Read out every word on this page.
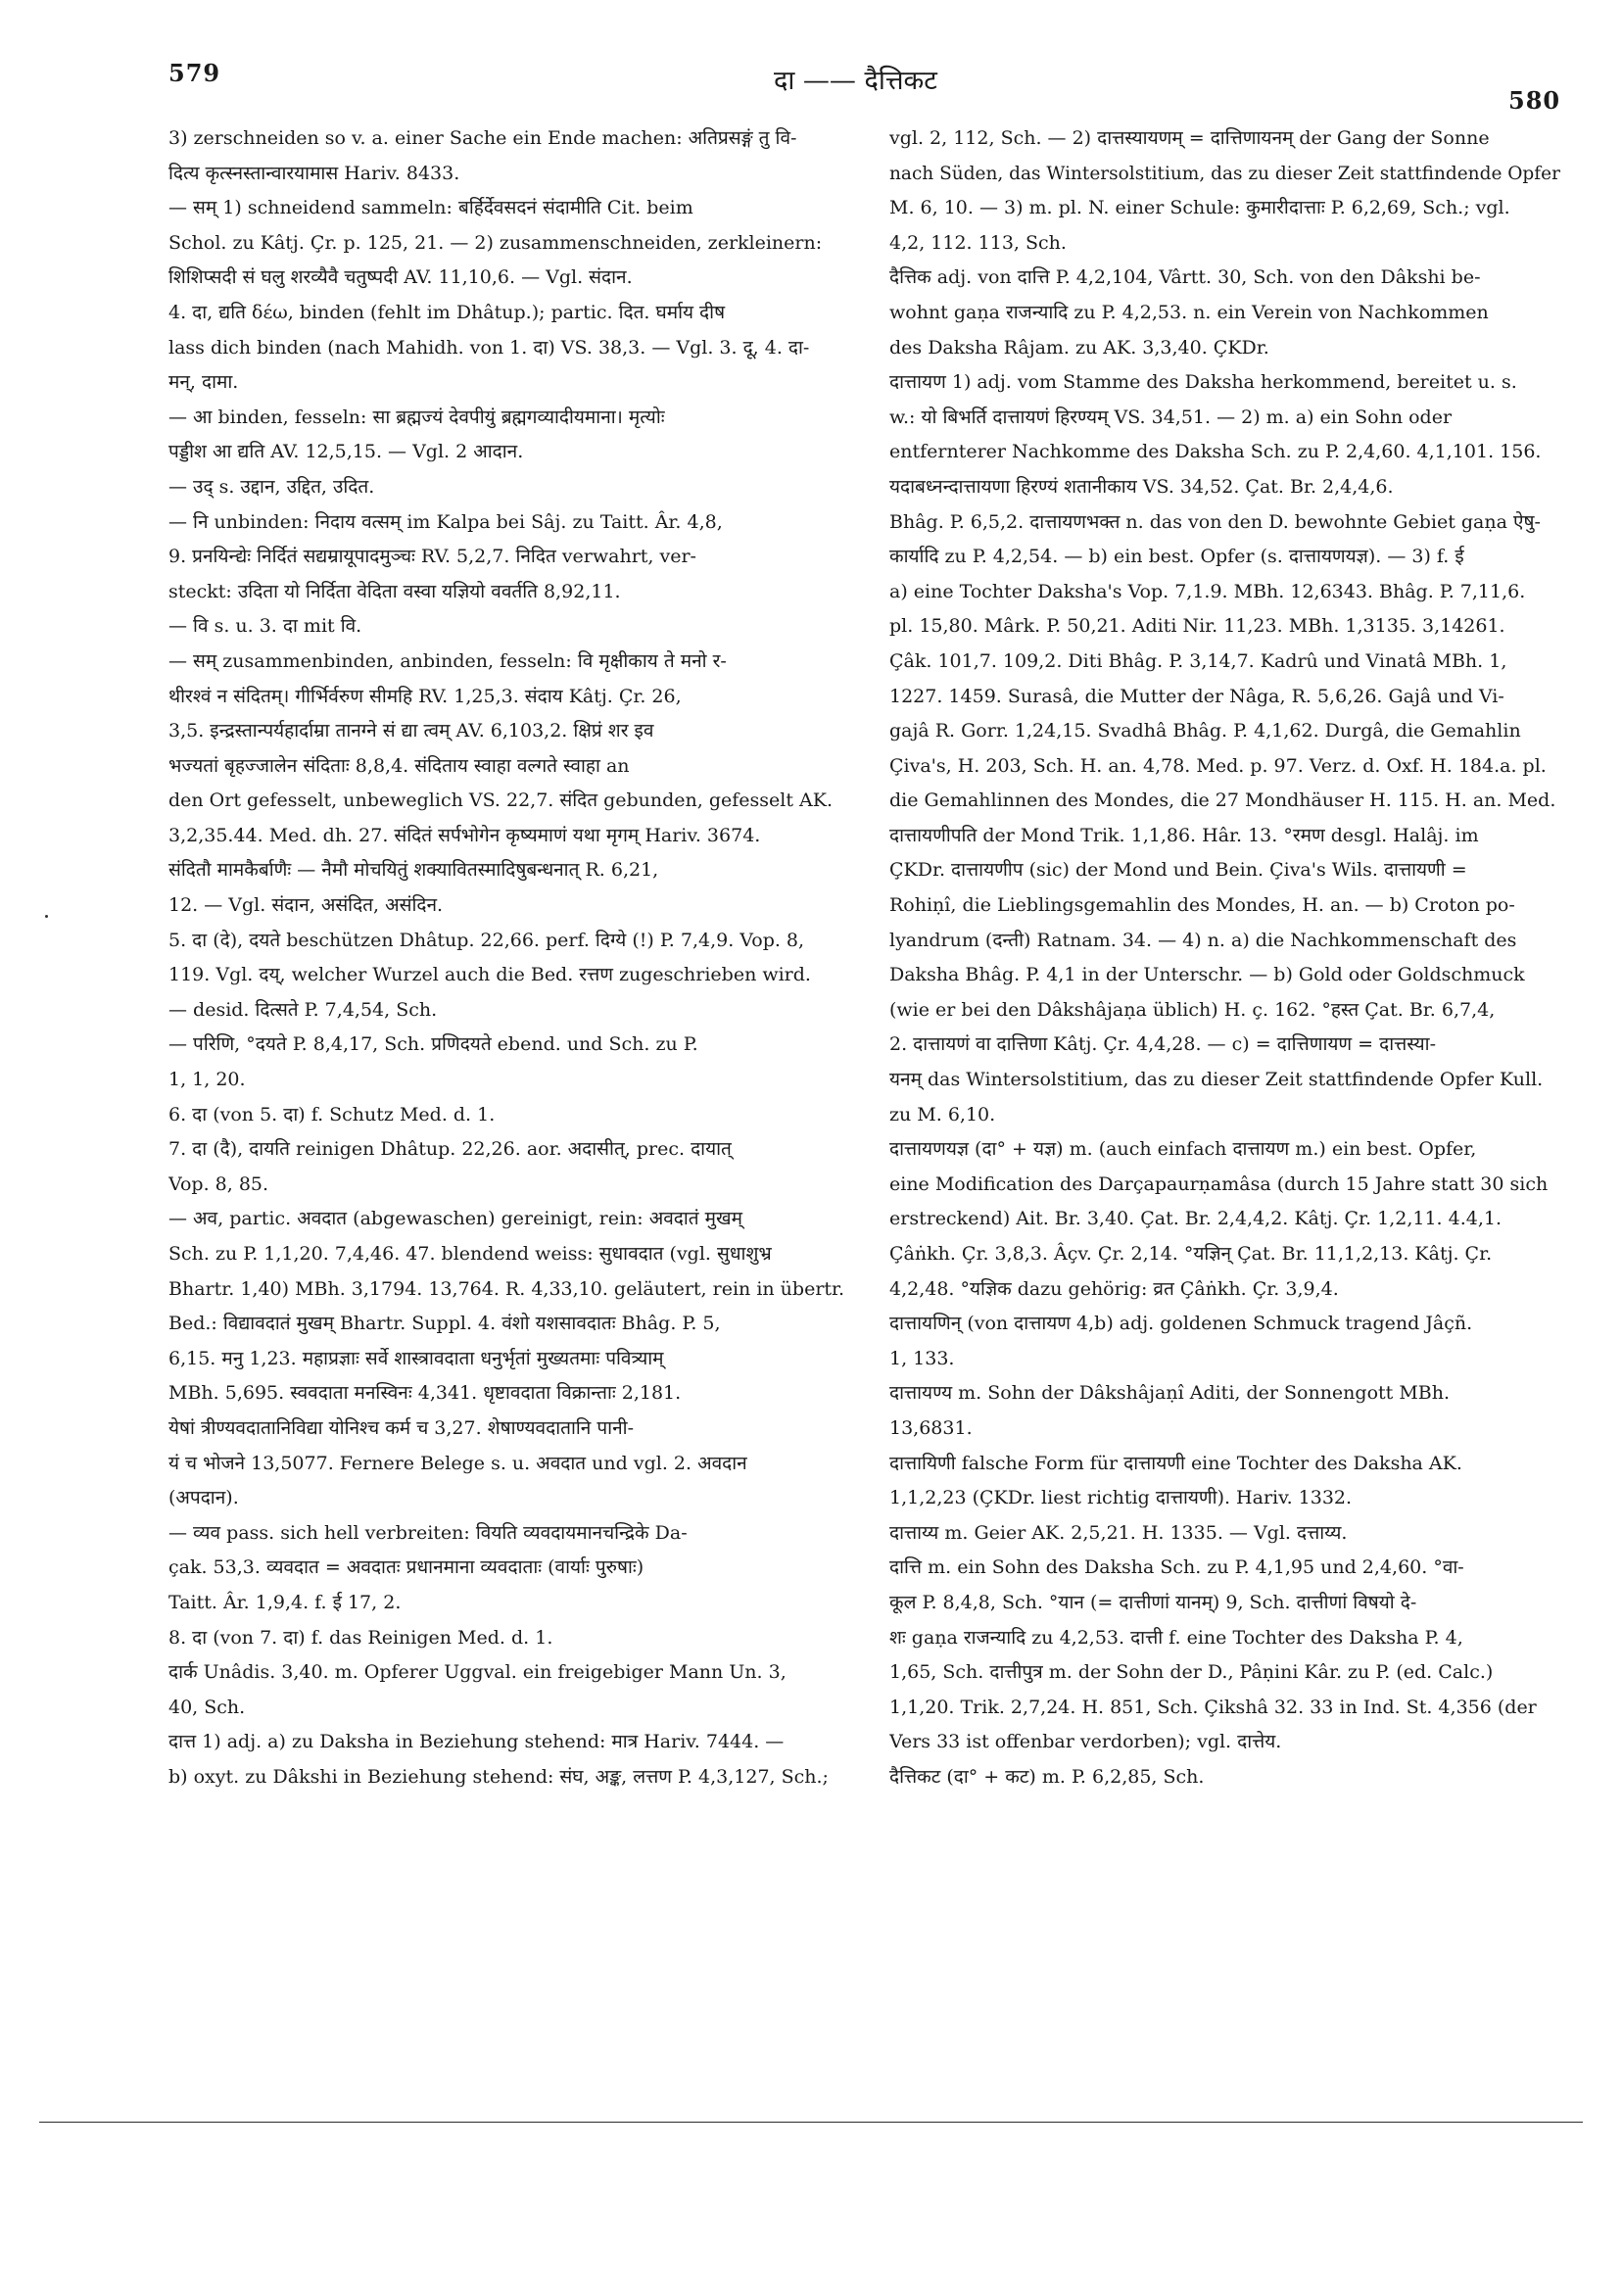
579	दा —— दैत्तिकट
580
3) zerschneiden so v. a. einer Sache ein Ende machen: अतिप्रसङ्गं तु वि-
दित्य कृत्स्नस्तान्वारयामास Hariv. 8433.
— सम् 1) schneidend sammeln: बर्हिर्देवसदनं संदामीति Cit. beim
Schol. zu Kâtj. Çr. p. 125, 21. — 2) zusammenschneiden, zerkleinern:
शिशिप्सदी सं घलु शरव्यैवै चतुष्पदी AV. 11,10,6. — Vgl. संदान.
4. दा, द्यति δέω, binden (fehlt im Dhâtup.); partic. दित. घर्माय दीष
lass dich binden (nach Mahidh. von 1. दा) VS. 38,3. — Vgl. 3. दू, 4. दा-
मन्, दामा.
— आ binden, fesseln: सा ब्रह्मज्यं देवपीयुं ब्रह्मगव्यादीयमाना। मृत्योः
पड्डीश आ द्यति AV. 12,5,15. — Vgl. 2 आदान.
— उद् s. उद्दान, उद्दित, उदित.
— नि unbinden: निदाय वत्सम् im Kalpa bei Sâj. zu Taitt. Âr. 4,8,
9. प्रनयिन्द्येः निर्दितं सद्यम्रायूपादमुञ्चः RV. 5,2,7. निदित verwahrt, ver-
steckt: उदिता यो निर्दिता वेदिता वस्वा यज्ञियो ववर्तति 8,92,11.
— वि s. u. 3. दा mit वि.
— सम् zusammenbinden, anbinden, fesseln: वि मृक्षीकाय ते मनो र-
थीरश्वं न संदितम्। गीर्भिर्वरुण सीमहि RV. 1,25,3. संदाय Kâtj. Çr. 26,
3,5. इन्द्रस्तान्पर्यहार्दाम्रा तानग्ने सं द्या त्वम् AV. 6,103,2. क्षिप्रं शर इव
भज्यतां बृहज्जालेन संदिताः 8,8,4. संदिताय स्वाहा वल्गते स्वाहा an
den Ort gefesselt, unbeweglich VS. 22,7. संदित gebunden, gefesselt AK.
3,2,35.44. Med. dh. 27. संदितं सर्पभोगेन कृष्यमाणं यथा मृगम् Hariv. 3674.
संदितौ मामकैर्बाणैः — नैमौ मोचयितुं शक्यावितस्मादिषुबन्धनात् R. 6,21,
12. — Vgl. संदान, असंदित, असंदिन.
5. दा (दे), दयते beschützen Dhâtup. 22,66. perf. दिग्ये (!) P. 7,4,9. Vop. 8,
119. Vgl. दय्, welcher Wurzel auch die Bed. रत्तण zugeschrieben wird.
— desid. दित्सते P. 7,4,54, Sch.
— परिणि, °दयते P. 8,4,17, Sch. प्रणिदयते ebend. und Sch. zu P.
1, 1, 20.
6. दा (von 5. दा) f. Schutz Med. d. 1.
7. दा (दै), दायति reinigen Dhâtup. 22,26. aor. अदासीत्, prec. दायात्
Vop. 8, 85.
— अव, partic. अवदात (abgewaschen) gereinigt, rein: अवदातं मुखम्
Sch. zu P. 1,1,20. 7,4,46. 47. blendend weiss: सुधावदात (vgl. सुधाशुभ्र
Bhartr. 1,40) MBh. 3,1794. 13,764. R. 4,33,10. geläutert, rein in übertr.
Bed.: विद्यावदातं मुखम् Bhartr. Suppl. 4. वंशो यशसावदातः Bhâg. P. 5,
6,15. मनु 1,23. महाप्रज्ञाः सर्वे शास्त्रावदाता धनुर्भृतां मुख्यतमाः पवित्र्याम्
MBh. 5,695. स्ववदाता मनस्विनः 4,341. धृष्टावदाता विक्रान्ताः 2,181.
येषां त्रीण्यवदातानिविद्या योनिश्च कर्म च 3,27. शेषाण्यवदातानि पानी-
यं च भोजने 13,5077. Fernere Belege s. u. अवदात und vgl. 2. अवदान
(अपदान).
— व्यव pass. sich hell verbreiten: वियति व्यवदायमानचन्द्रिके Da-
çak. 53,3. व्यवदात = अवदातः प्रधानमाना व्यवदाताः (वार्याः पुरुषाः)
Taitt. Âr. 1,9,4. f. ई 17, 2.
8. दा (von 7. दा) f. das Reinigen Med. d. 1.
दार्क Unâdis. 3,40. m. Opferer Uggval. ein freigebiger Mann Un. 3,
40, Sch.
दात्त 1) adj. a) zu Daksha in Beziehung stehend: मात्र Hariv. 7444. —
b) oxyt. zu Dâkshi in Beziehung stehend: संघ, अङ्क, लत्तण P. 4,3,127, Sch.;
vgl. 2, 112, Sch. — 2) दात्तस्यायणम् = दात्तिणायनम् der Gang der Sonne
nach Süden, das Wintersolstitium, das zu dieser Zeit stattfindende Opfer
M. 6, 10. — 3) m. pl. N. einer Schule: कुमारीदात्ताः P. 6,2,69, Sch.; vgl.
4,2, 112. 113, Sch.
दैत्तिक adj. von दात्ति P. 4,2,104, Vârtt. 30, Sch. von den Dâkshi be-
wohnt gaṇa राजन्यादि zu P. 4,2,53. n. ein Verein von Nachkommen
des Daksha Râjam. zu AK. 3,3,40. ÇKDr.
दात्तायण 1) adj. vom Stamme des Daksha herkommend, bereitet u. s.
w.: यो बिभर्ति दात्तायणं हिरण्यम् VS. 34,51. — 2) m. a) ein Sohn oder
entfernterer Nachkomme des Daksha Sch. zu P. 2,4,60. 4,1,101. 156.
यदाबध्नन्दात्तायणा हिरण्यं शतानीकाय VS. 34,52. Çat. Br. 2,4,4,6.
Bhâg. P. 6,5,2. दात्तायणभक्त n. das von den D. bewohnte Gebiet gaṇa ऐषु-
कार्यादि zu P. 4,2,54. — b) ein best. Opfer (s. दात्तायणयज्ञ). — 3) f. ई
a) eine Tochter Daksha's Vop. 7,1.9. MBh. 12,6343. Bhâg. P. 7,11,6.
pl. 15,80. Mârk. P. 50,21. Aditi Nir. 11,23. MBh. 1,3135. 3,14261.
Çâk. 101,7. 109,2. Diti Bhâg. P. 3,14,7. Kadrû und Vinatâ MBh. 1,
1227. 1459. Surasâ, die Mutter der Nâga, R. 5,6,26. Gajâ und Vi-
gajâ R. Gorr. 1,24,15. Svadhâ Bhâg. P. 4,1,62. Durgâ, die Gemahlin
Çiva's, H. 203, Sch. H. an. 4,78. Med. p. 97. Verz. d. Oxf. H. 184.a. pl.
die Gemahlinnen des Mondes, die 27 Mondhäuser H. 115. H. an. Med.
दात्तायणीपति der Mond Trik. 1,1,86. Hâr. 13. °रमण desgl. Halâj. im
ÇKDr. दात्तायणीप (sic) der Mond und Bein. Çiva's Wils. दात्तायणी =
Rohiṇî, die Lieblingsgemahlin des Mondes, H. an. — b) Croton po-
lyandrum (दन्ती) Ratnam. 34. — 4) n. a) die Nachkommenschaft des
Daksha Bhâg. P. 4,1 in der Unterschr. — b) Gold oder Goldschmuck
(wie er bei den Dâkshâjaṇa üblich) H. ç. 162. °हस्त Çat. Br. 6,7,4,
2. दात्तायणं वा दात्तिणा Kâtj. Çr. 4,4,28. — c) = दात्तिणायण = दात्तस्या-
यनम् das Wintersolstitium, das zu dieser Zeit stattfindende Opfer Kull.
zu M. 6,10.
दात्तायणयज्ञ (दा° + यज्ञ) m. (auch einfach दात्तायण m.) ein best. Opfer,
eine Modification des Darçapaurṇamâsa (durch 15 Jahre statt 30 sich
erstreckend) Ait. Br. 3,40. Çat. Br. 2,4,4,2. Kâtj. Çr. 1,2,11. 4.4,1.
Çâṅkh. Çr. 3,8,3. Âçv. Çr. 2,14. °यज्ञिन् Çat. Br. 11,1,2,13. Kâtj. Çr.
4,2,48. °यज्ञिक dazu gehörig: व्रत Çâṅkh. Çr. 3,9,4.
दात्तायणिन् (von दात्तायण 4,b) adj. goldenen Schmuck tragend Jâçñ.
1, 133.
दात्तायण्य m. Sohn der Dâkshâjaṇî Aditi, der Sonnengott MBh.
13,6831.
दात्तायिणी falsche Form für दात्तायणी eine Tochter des Daksha AK.
1,1,2,23 (ÇKDr. liest richtig दात्तायणी). Hariv. 1332.
दात्ताय्य m. Geier AK. 2,5,21. H. 1335. — Vgl. दत्ताय्य.
दात्ति m. ein Sohn des Daksha Sch. zu P. 4,1,95 und 2,4,60. °वा-
कूल P. 8,4,8, Sch. °यान (= दात्तीणां यानम्) 9, Sch. दात्तीणां विषयो दे-
शः gaṇa राजन्यादि zu 4,2,53. दात्ती f. eine Tochter des Daksha P. 4,
1,65, Sch. दात्तीपुत्र m. der Sohn der D., Pâṇini Kâr. zu P. (ed. Calc.)
1,1,20. Trik. 2,7,24. H. 851, Sch. Çikshâ 32. 33 in Ind. St. 4,356 (der
Vers 33 ist offenbar verdorben); vgl. दात्तेय.
दैत्तिकट (दा° + कट) m. P. 6,2,85, Sch.
